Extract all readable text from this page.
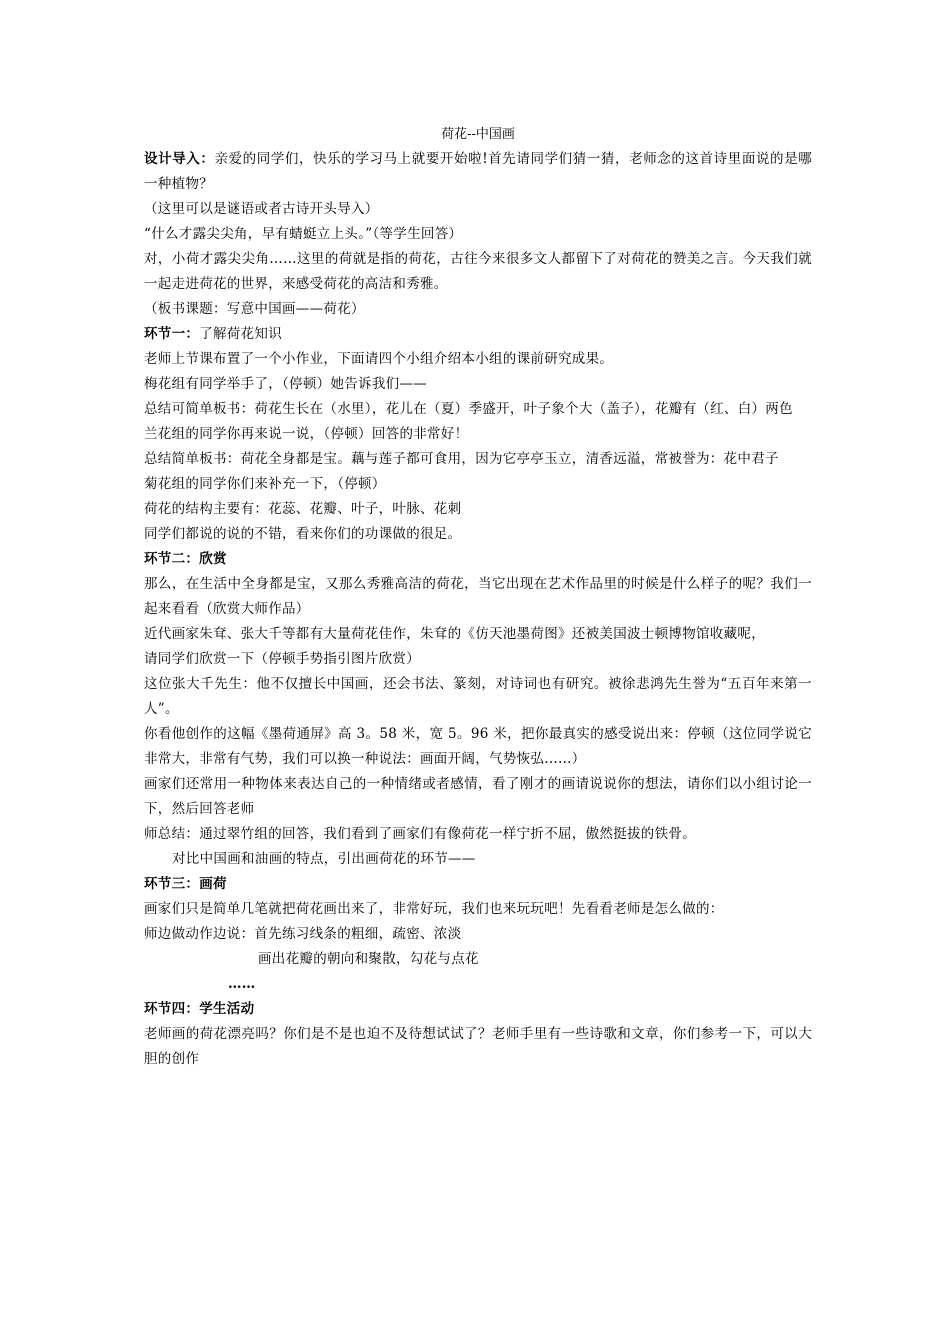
荷花--中国画

设计导入：亲爱的同学们，快乐的学习马上就要开始啦!首先请同学们猜一猜，老师念的这首诗里面说的是哪一种植物？

（这里可以是谜语或者古诗开头导入）

“什么才露尖尖角，早有蜻蜓立上头。”（等学生回答）

对，小荷才露尖尖角……这里的荷就是指的荷花，古往今来很多文人都留下了对荷花的赞美之言。今天我们就一起走进荷花的世界，来感受荷花的高洁和秀雅。

（板书课题：写意中国画——荷花）

环节一：了解荷花知识

老师上节课布置了一个小作业，下面请四个小组介绍本小组的课前研究成果。

梅花组有同学举手了，（停顿）她告诉我们——

总结可简单板书：荷花生长在（水里），花儿在（夏）季盛开，叶子象个大（盖子），花瓣有（红、白）两色

兰花组的同学你再来说一说，（停顿）回答的非常好！

总结简单板书：荷花全身都是宝。藕与莲子都可食用，因为它亭亭玉立，清香远溢，常被誉为：花中君子

菊花组的同学你们来补充一下，（停顿）

荷花的结构主要有：花蕊、花瓣、叶子，叶脉、花刺

同学们都说的说的不错，看来你们的功课做的很足。

环节二：欣赏

那么，在生活中全身都是宝，又那么秀雅高洁的荷花，当它出现在艺术作品里的时候是什么样子的呢？我们一起来看看（欣赏大师作品）

近代画家朱耷、张大千等都有大量荷花佳作，朱耷的《仿天池墨荷图》还被美国波士顿博物馆收藏呢，

请同学们欣赏一下（停顿手势指引图片欣赏）

这位张大千先生：他不仅擅长中国画，还会书法、篆刻，对诗词也有研究。被徐悲鸿先生誉为“五百年来第一人”。

你看他创作的这幅《墨荷通屏》高 3。58 米，宽 5。96 米，把你最真实的感受说出来：停顿（这位同学说它非常大，非常有气势，我们可以换一种说法：画面开阔，气势恢弘……）

画家们还常用一种物体来表达自己的一种情绪或者感情，看了刚才的画请说说你的想法，请你们以小组讨论一下，然后回答老师

师总结：通过翠竹组的回答，我们看到了画家们有像荷花一样宁折不屈，傲然挺拔的铁骨。

对比中国画和油画的特点，引出画荷花的环节——

环节三：画荷

画家们只是简单几笔就把荷花画出来了，非常好玩，我们也来玩玩吧！先看看老师是怎么做的：

师边做动作边说：首先练习线条的粗细，疏密、浓淡

画出花瓣的朝向和聚散，勾花与点花

……

环节四：学生活动

老师画的荷花漂亮吗？你们是不是也迫不及待想试试了？老师手里有一些诗歌和文章，你们参考一下，可以大胆的创作
